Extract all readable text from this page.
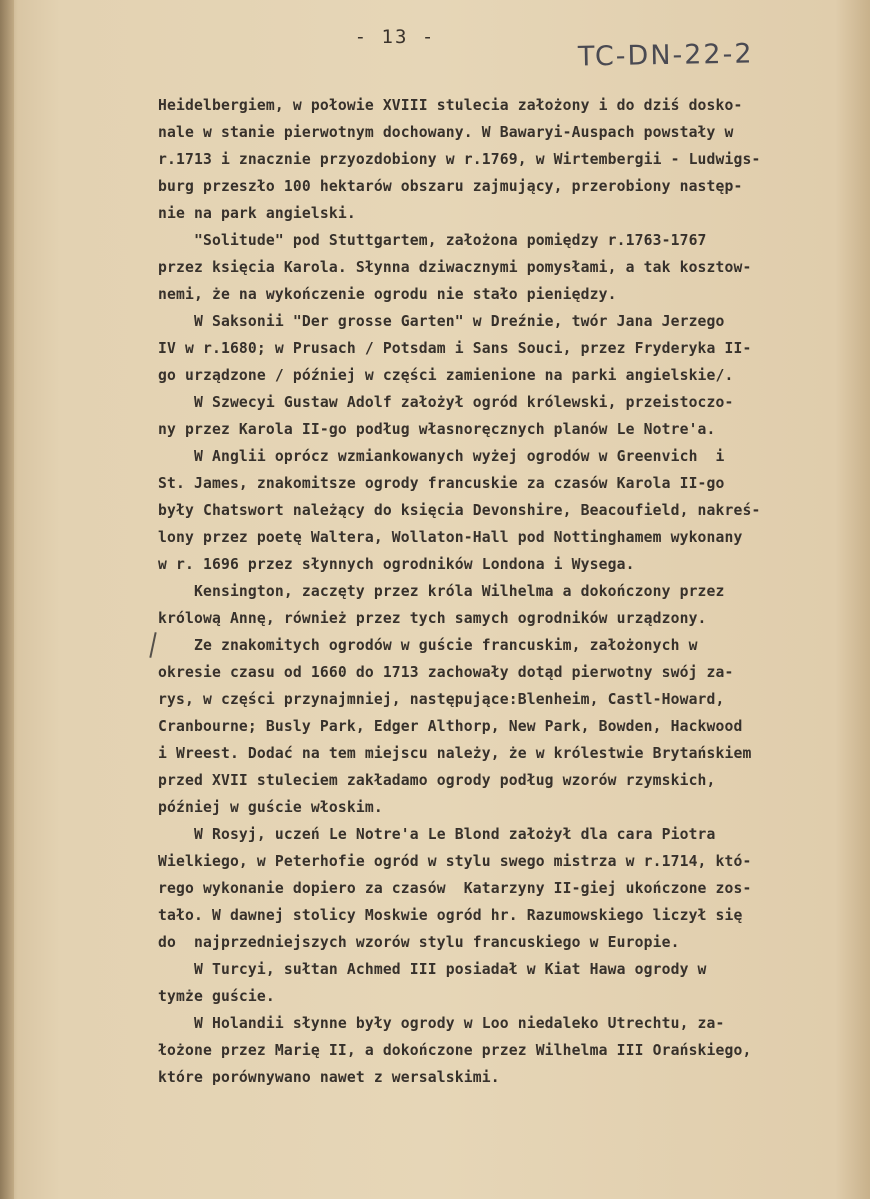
- 13 -
TC-DN-22-2
Heidelbergiem, w połowie XVIII stulecia założony i do dziś dosko-
nale w stanie pierwotnym dochowany. W Bawaryi-Auspach powstały w
r.1713 i znacznie przyozdobiony w r.1769, w Wirtembergii - Ludwigs-
burg przeszło 100 hektarów obszaru zajmujący, przerobiony następ-
nie na park angielski.
"Solitude" pod Stuttgartem, założona pomiędzy r.1763-1767
przez księcia Karola. Słynna dziwacznymi pomysłami, a tak kosztow-
nemi, że na wykończenie ogrodu nie stało pieniędzy.
W Saksonii "Der grosse Garten" w Dreźnie, twór Jana Jerzego
IV w r.1680; w Prusach / Potsdam i Sans Souci, przez Fryderyka II-
go urządzone / później w części zamienione na parki angielskie/.
W Szwecyi Gustaw Adolf założył ogród królewski, przeistoczo-
ny przez Karola II-go podług własnoręcznych planów Le Notre'a.
W Anglii oprócz wzmiankowanych wyżej ogrodów w Greenvich  i
St. James, znakomitsze ogrody francuskie za czasów Karola II-go
były Chatswort należący do księcia Devonshire, Beacoufield, nakreś-
lony przez poetę Waltera, Wollaton-Hall pod Nottinghamem wykonany
w r. 1696 przez słynnych ogrodników Londona i Wysega.
Kensington, zaczęty przez króla Wilhelma a dokończony przez
królową Annę, również przez tych samych ogrodników urządzony.
Ze znakomitych ogrodów w guście francuskim, założonych w
okresie czasu od 1660 do 1713 zachowały dotąd pierwotny swój za-
rys, w części przynajmniej, następujące:Blenheim, Castl-Howard,
Cranbourne; Busly Park, Edger Althorp, New Park, Bowden, Hackwood
i Wreest. Dodać na tem miejscu należy, że w królestwie Brytańskiem
przed XVII stuleciem zakładamo ogrody podług wzorów rzymskich,
później w guście włoskim.
W Rosyj, uczeń Le Notre'a Le Blond założył dla cara Piotra
Wielkiego, w Peterhofie ogród w stylu swego mistrza w r.1714, któ-
rego wykonanie dopiero za czasów  Katarzyny II-giej ukończone zos-
tało. W dawnej stolicy Moskwie ogród hr. Razumowskiego liczył się
do  najprzedniejszych wzorów stylu francuskiego w Europie.
W Turcyi, sułtan Achmed III posiadał w Kiat Hawa ogrody w
tymże guście.
W Holandii słynne były ogrody w Loo niedaleko Utrechtu, za-
łożone przez Marię II, a dokończone przez Wilhelma III Orańskiego,
które porównywano nawet z wersalskimi.
